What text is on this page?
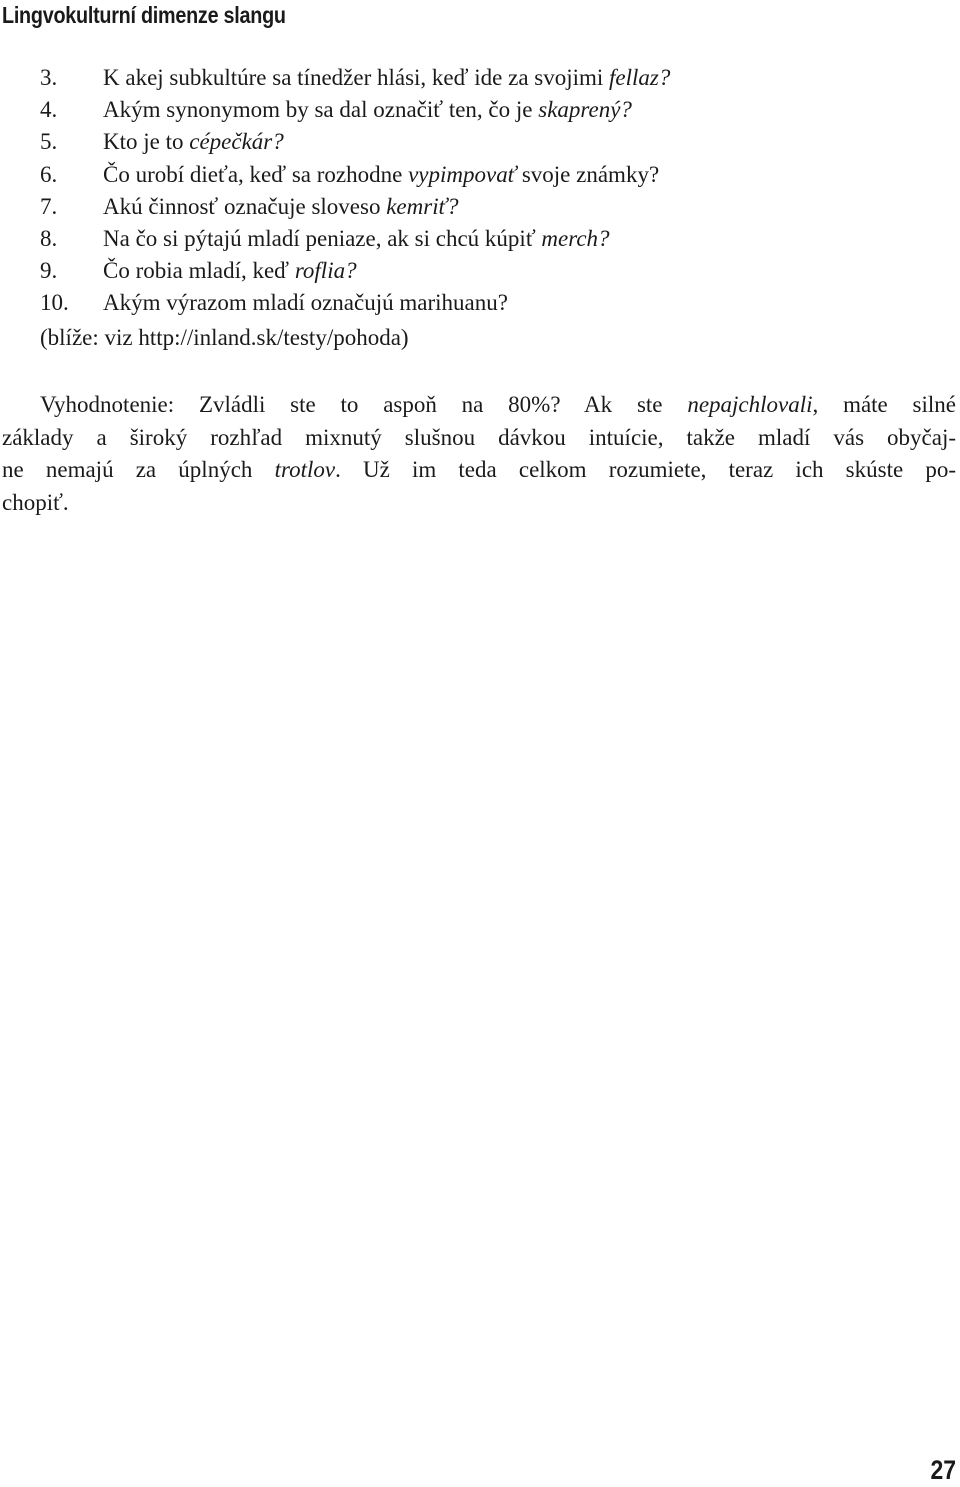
Lingvokulturní dimenze slangu
3. K akej subkultúre sa tínedžer hlási, keď ide za svojimi fellaz?
4. Akým synonymom by sa dal označiť ten, čo je skaprený?
5. Kto je to cépečkár?
6. Čo urobí dieťa, keď sa rozhodne vypimpovať svoje známky?
7. Akú činnosť označuje sloveso kemriť?
8. Na čo si pýtajú mladí peniaze, ak si chcú kúpiť merch?
9. Čo robia mladí, keď roflia?
10. Akým výrazom mladí označujú marihuanu?
(blíže: viz http://inland.sk/testy/pohoda)
Vyhodnotenie: Zvládli ste to aspoň na 80%? Ak ste nepajchlovali, máte silné
základy a široký rozhľad mixnutý slušnou dávkou intuície, takže mladí vás obyčaj-
ne nemajú za úplných trotlov. Už im teda celkom rozumiete, teraz ich skúste po-
chopiť.
27
